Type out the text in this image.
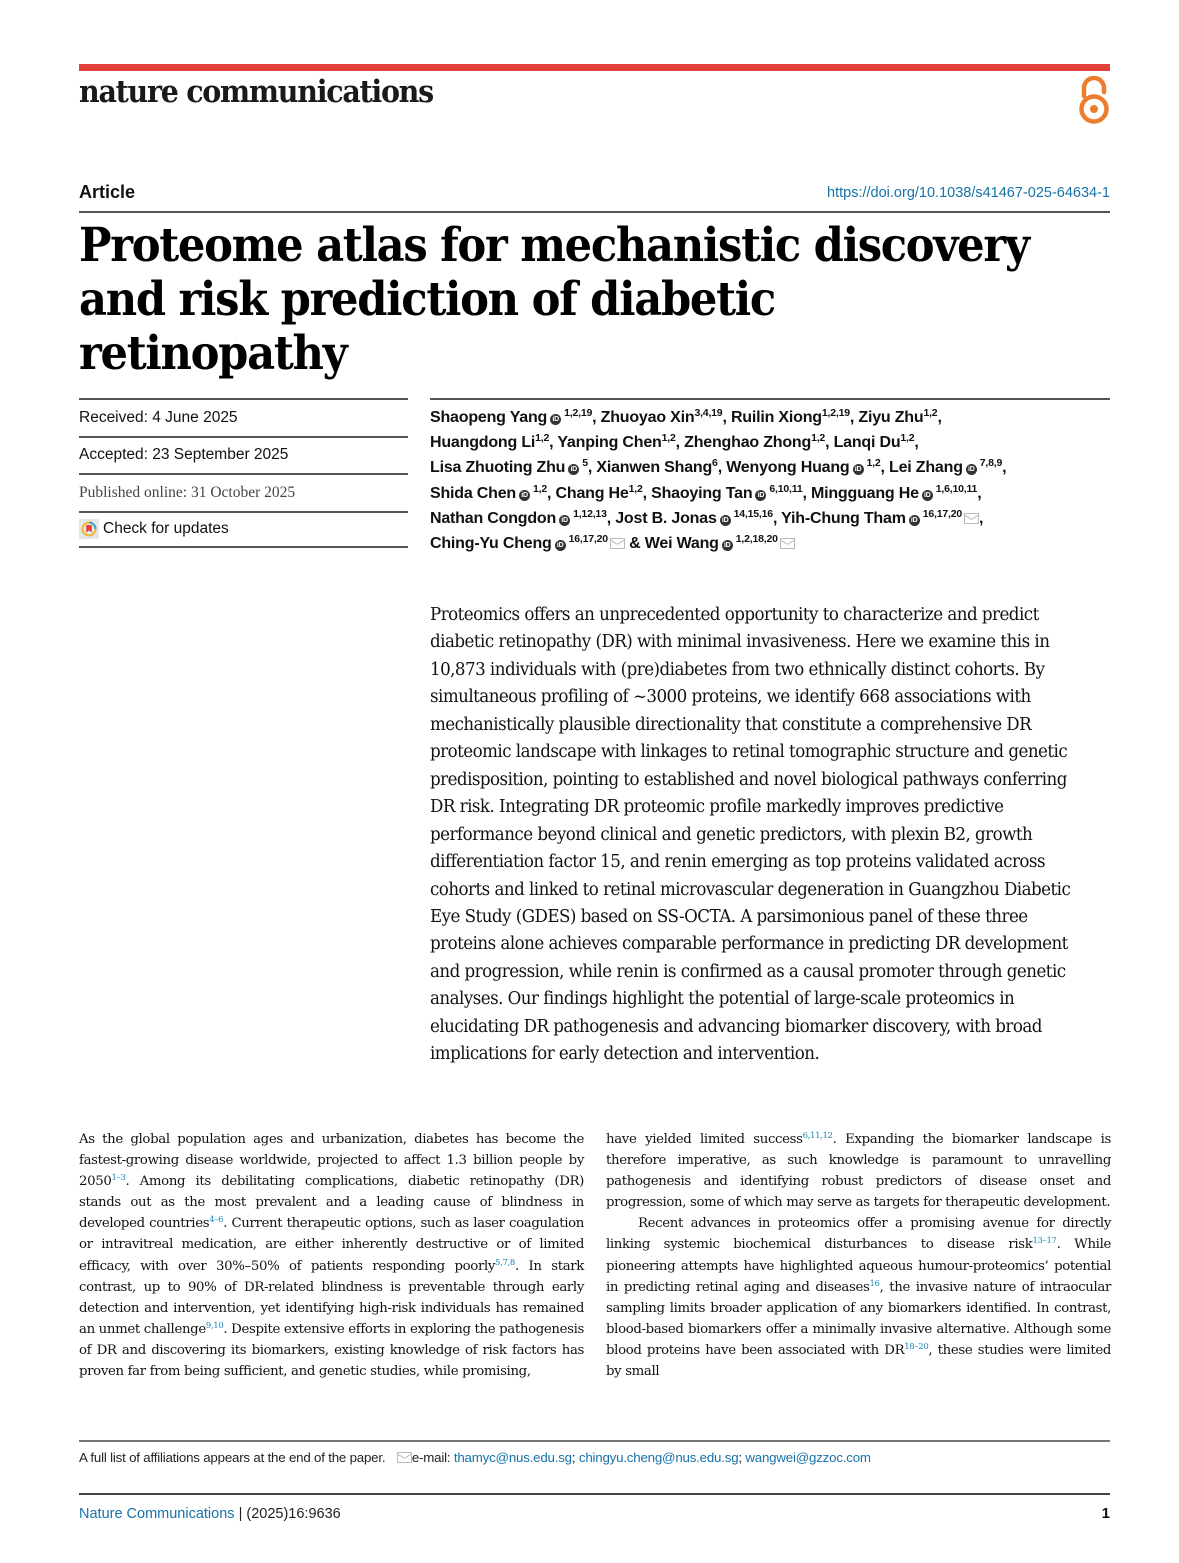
nature communications
Article	https://doi.org/10.1038/s41467-025-64634-1
Proteome atlas for mechanistic discovery and risk prediction of diabetic retinopathy
Received: 4 June 2025
Accepted: 23 September 2025
Published online: 31 October 2025
Check for updates
Shaopeng Yang iD$^{1,2,19}$, Zhuoyao Xin$^{3,4,19}$, Ruilin Xiong$^{1,2,19}$, Ziyu Zhu$^{1,2}$,
Huangdong Li$^{1,2}$, Yanping Chen$^{1,2}$, Zhenghao Zhong$^{1,2}$, Lanqi Du$^{1,2}$,
Lisa Zhuoting Zhu $iD^5$, Xianwen Shang$^6$, Wenyong Huang iD$^{1,2}$, Lei Zhang iD$^{7,8,9}$,
Shida Chen iD$^{1,2}$, Chang He$^{1,2}$, Shaoying Tan iD$^{6,10,11}$, Mingguang He iD$^{1,6,10,11}$,
Nathan Congdon iD$^{1,12,13}$, Jost B. Jonas iD$^{14,15,16}$, Yih-Chung Tham iD$^{16,17,20}$ ,
Ching-Yu Cheng iD$^{16,17,20}$ & Wei Wang iD$^{1,2,18,20}$

Proteomics offers an unprecedented opportunity to characterize and predict diabetic retinopathy (DR) with minimal invasiveness. Here we examine this in 10,873 individuals with (pre)diabetes from two ethnically distinct cohorts. By simultaneous profiling of ~3000 proteins, we identify 668 associations with mechanistically plausible directionality that constitute a comprehensive DR proteomic landscape with linkages to retinal tomographic structure and genetic predisposition, pointing to established and novel biological pathways conferring DR risk. Integrating DR proteomic profile markedly improves predictive performance beyond clinical and genetic predictors, with plexin B2, growth differentiation factor 15, and renin emerging as top proteins validated across cohorts and linked to retinal microvascular degeneration in Guangzhou Diabetic Eye Study (GDES) based on SS-OCTA. A parsimonious panel of these three proteins alone achieves comparable performance in predicting DR development and progression, while renin is confirmed as a causal promoter through genetic analyses. Our findings highlight the potential of large-scale proteomics in elucidating DR pathogenesis and advancing biomarker discovery, with broad implications for early detection and intervention.

As the global population ages and urbanization, diabetes has become the fastest-growing disease worldwide, projected to affect 1.3 billion people by 2050$^{1-3}$. Among its debilitating complications, diabetic retinopathy (DR) stands out as the most prevalent and a leading cause of blindness in developed countries$^{4-6}$. Current therapeutic options, such as laser coagulation or intravitreal medication, are either inherently destructive or of limited efficacy, with over 30%–50% of patients responding poorly$^{5,7,8}$. In stark contrast, up to 90% of DR-related blindness is preventable through early detection and intervention, yet identifying high-risk individuals has remained an unmet challenge$^{9,10}$. Despite extensive efforts in exploring the pathogenesis of DR and discovering its biomarkers, existing knowledge of risk factors has proven far from being sufficient, and genetic studies, while promising,

have yielded limited success$^{6,11,12}$. Expanding the biomarker landscape is therefore imperative, as such knowledge is paramount to unravelling pathogenesis and identifying robust predictors of disease onset and progression, some of which may serve as targets for therapeutic development.
Recent advances in proteomics offer a promising avenue for directly linking systemic biochemical disturbances to disease risk$^{13-17}$. While pioneering attempts have highlighted aqueous humour-proteomics’ potential in predicting retinal aging and diseases$^{16}$, the invasive nature of intraocular sampling limits broader application of any biomarkers identified. In contrast, blood-based biomarkers offer a minimally invasive alternative. Although some blood proteins have been associated with DR$^{18-20}$, these studies were limited by small

A full list of affiliations appears at the end of the paper. e-mail: thamyc@nus.edu.sg; chingyu.cheng@nus.edu.sg; wangwei@gzzoc.com
Nature Communications | (2025)16:9636	1
